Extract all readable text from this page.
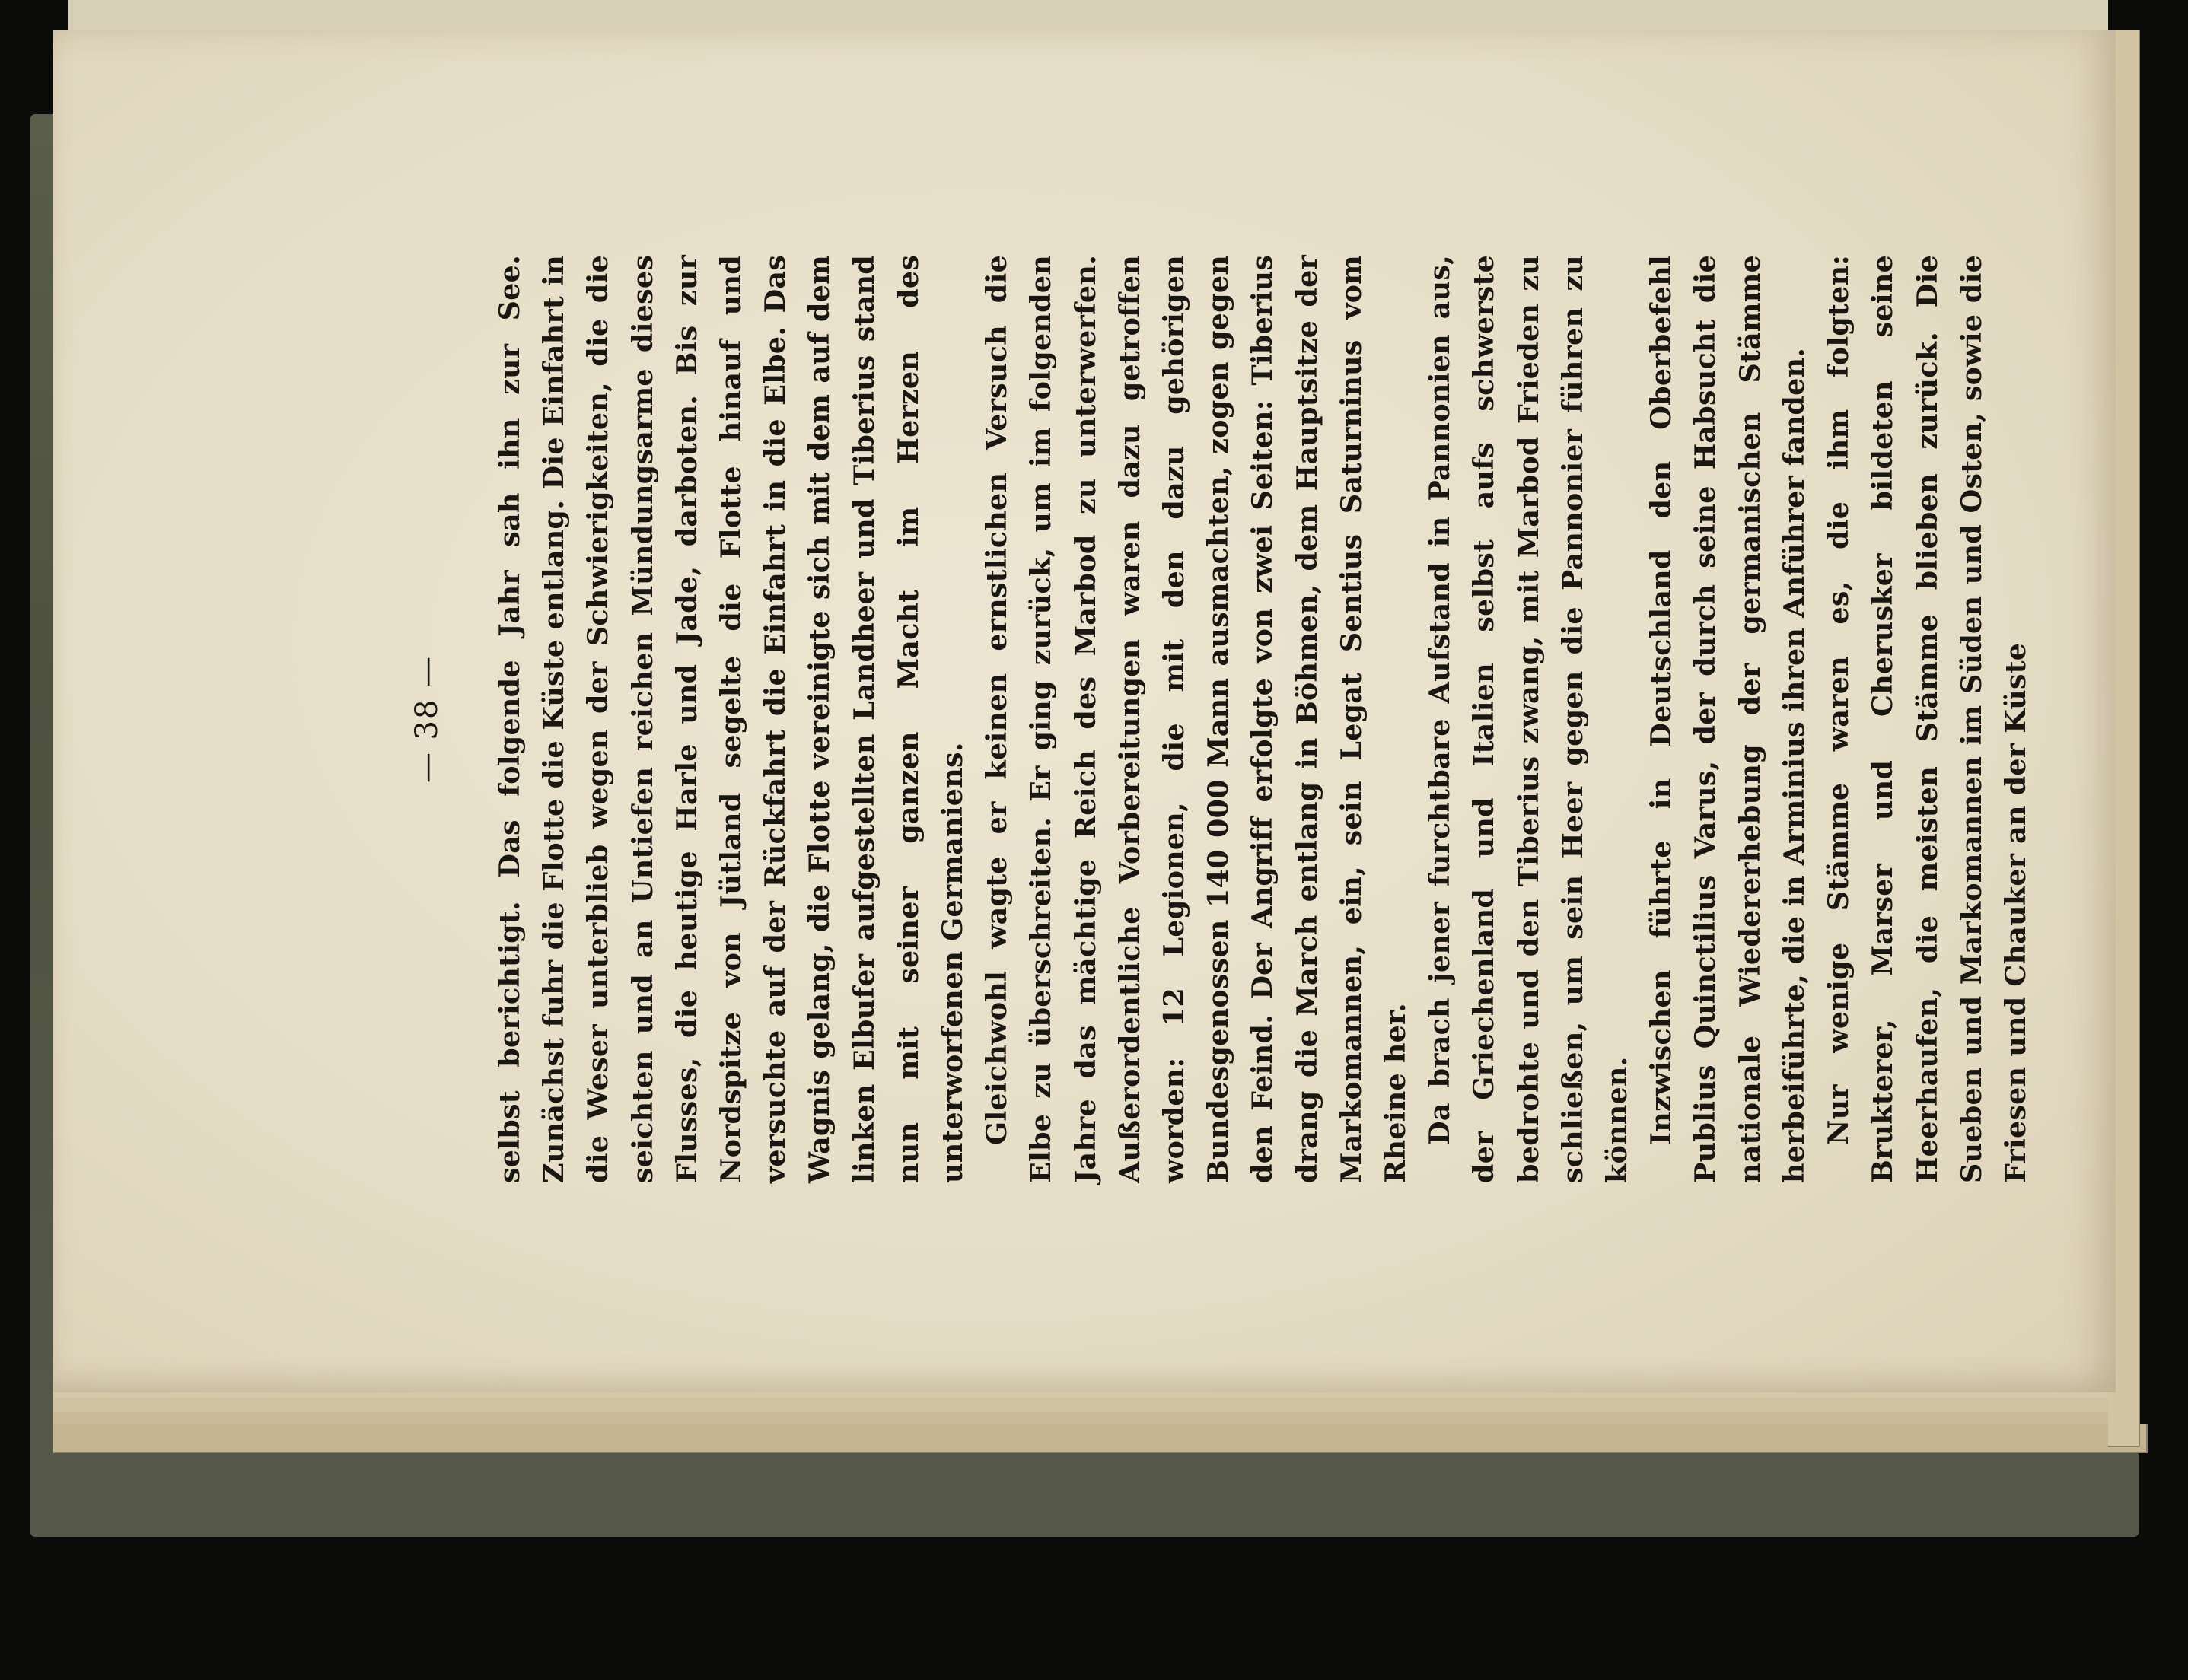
— 38 —	selbst berichtigt. Das folgende Jahr sah ihn zur See. Zunächst fuhr die Flotte die Küste entlang. Die Einfahrt in die Weser unterblieb wegen der Schwierigkeiten, die die seichten und an Untiefen reichen Mündungsarme dieses Flusses, die heutige Harle und Jade, darboten. Bis zur Nordspitze von Jütland segelte die Flotte hinauf und versuchte auf der Rückfahrt die Einfahrt in die Elbe. Das Wagnis gelang, die Flotte vereinigte sich mit dem auf dem linken Elbufer aufgestellten Landheer und Tiberius stand nun mit seiner ganzen Macht im Herzen des unterworfenen Germaniens. Gleichwohl wagte er keinen ernstlichen Versuch die Elbe zu überschreiten. Er ging zurück, um im folgenden Jahre das mächtige Reich des Marbod zu unterwerfen. Außerordentliche Vorbereitungen waren dazu getroffen worden: 12 Legionen, die mit den dazu gehörigen Bundesgenossen 140 000 Mann ausmachten, zogen gegen den Feind. Der Angriff erfolgte von zwei Seiten: Tiberius drang die March entlang in Böhmen, dem Hauptsitze der Markomannen, ein, sein Legat Sentius Saturninus vom Rheine her. Da brach jener furchtbare Aufstand in Pannonien aus, der Griechenland und Italien selbst aufs schwerste bedrohte und den Tiberius zwang, mit Marbod Frieden zu schließen, um sein Heer gegen die Pannonier führen zu können. Inzwischen führte in Deutschland den Oberbefehl Publius Quinctilius Varus, der durch seine Habsucht die nationale Wiedererhebung der germanischen Stämme herbeiführte, die in Arminius ihren Anführer fanden. Nur wenige Stämme waren es, die ihm folgten: Brukterer, Marser und Cherusker bildeten seine Heerhaufen, die meisten Stämme blieben zurück. Die Sueben und Markomannen im Süden und Osten, sowie die Friesen und Chauker an der Küste
